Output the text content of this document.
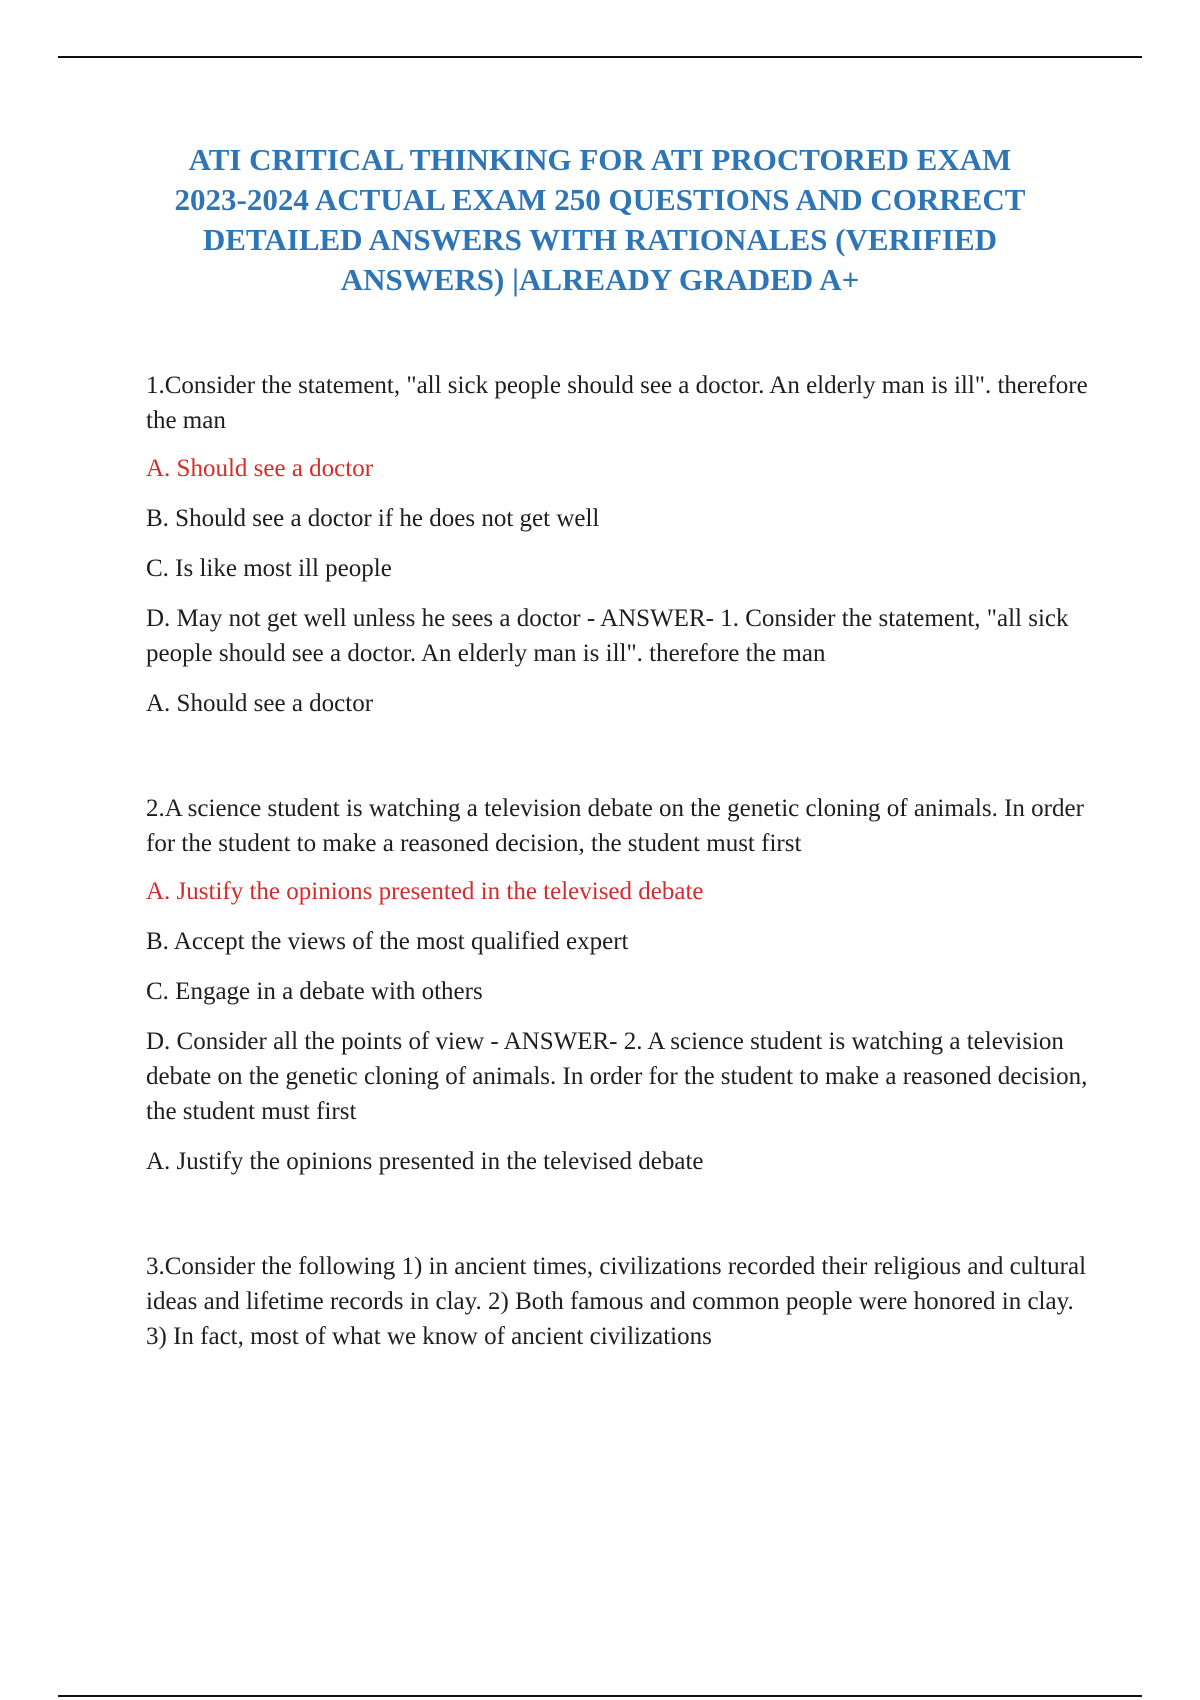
ATI CRITICAL THINKING FOR ATI PROCTORED EXAM 2023-2024 ACTUAL EXAM 250 QUESTIONS AND CORRECT DETAILED ANSWERS WITH RATIONALES (VERIFIED ANSWERS) |ALREADY GRADED A+

1.Consider the statement, "all sick people should see a doctor. An elderly man is ill". therefore the man

A. Should see a doctor

B. Should see a doctor if he does not get well

C. Is like most ill people

D. May not get well unless he sees a doctor - ANSWER- 1. Consider the statement, "all sick people should see a doctor. An elderly man is ill". therefore the man

A. Should see a doctor

2.A science student is watching a television debate on the genetic cloning of animals. In order for the student to make a reasoned decision, the student must first

A. Justify the opinions presented in the televised debate

B. Accept the views of the most qualified expert

C. Engage in a debate with others

D. Consider all the points of view - ANSWER- 2. A science student is watching a television debate on the genetic cloning of animals. In order for the student to make a reasoned decision, the student must first

A. Justify the opinions presented in the televised debate

3.Consider the following 1) in ancient times, civilizations recorded their religious and cultural ideas and lifetime records in clay. 2) Both famous and common people were honored in clay. 3) In fact, most of what we know of ancient civilizations
